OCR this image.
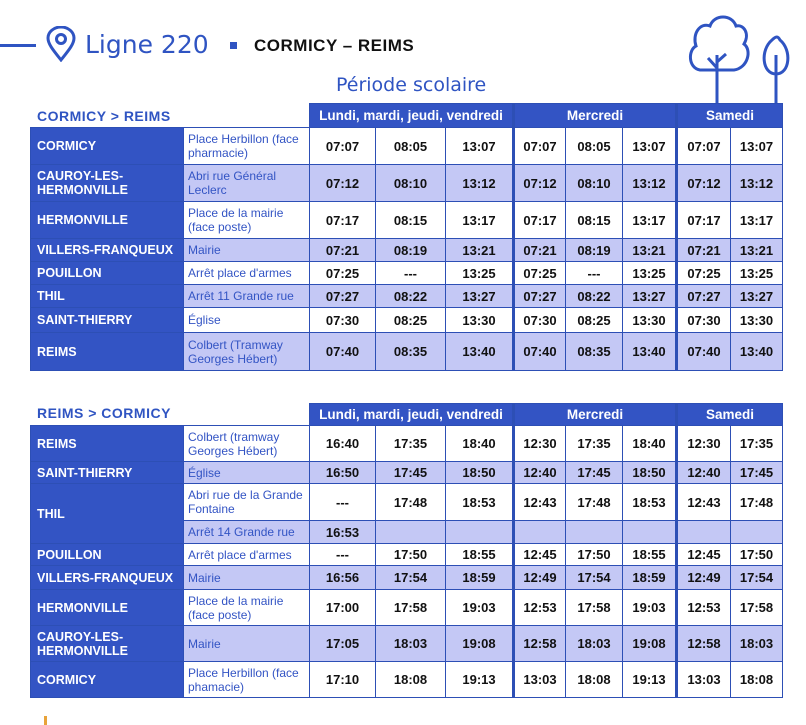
Ligne 220	CORMICY – REIMS
Période scolaire
CORMICY > REIMS
		Lundi, mardi, jeudi, vendredi			Mercredi			Samedi	
CORMICY	Place Herbillon (face pharmacie)	07:07	08:05	13:07	07:07	08:05	13:07	07:07	13:07
CAUROY-LES-HERMONVILLE	Abri rue Général Leclerc	07:12	08:10	13:12	07:12	08:10	13:12	07:12	13:12
HERMONVILLE	Place de la mairie (face poste)	07:17	08:15	13:17	07:17	08:15	13:17	07:17	13:17
VILLERS-FRANQUEUX	Mairie	07:21	08:19	13:21	07:21	08:19	13:21	07:21	13:21
POUILLON	Arrêt place d'armes	07:25	---	13:25	07:25	---	13:25	07:25	13:25
THIL	Arrêt 11 Grande rue	07:27	08:22	13:27	07:27	08:22	13:27	07:27	13:27
SAINT-THIERRY	Église	07:30	08:25	13:30	07:30	08:25	13:30	07:30	13:30
REIMS	Colbert (Tramway Georges Hébert)	07:40	08:35	13:40	07:40	08:35	13:40	07:40	13:40
REIMS > CORMICY
		Lundi, mardi, jeudi, vendredi			Mercredi			Samedi	
REIMS	Colbert (tramway Georges Hébert)	16:40	17:35	18:40	12:30	17:35	18:40	12:30	17:35
SAINT-THIERRY	Église	16:50	17:45	18:50	12:40	17:45	18:50	12:40	17:45
THIL	Abri rue de la Grande Fontaine	---	17:48	18:53	12:43	17:48	18:53	12:43	17:48
	Arrêt 14 Grande rue	16:53							
POUILLON	Arrêt place d'armes	---	17:50	18:55	12:45	17:50	18:55	12:45	17:50
VILLERS-FRANQUEUX	Mairie	16:56	17:54	18:59	12:49	17:54	18:59	12:49	17:54
HERMONVILLE	Place de la mairie (face poste)	17:00	17:58	19:03	12:53	17:58	19:03	12:53	17:58
CAUROY-LES-HERMONVILLE	Mairie	17:05	18:03	19:08	12:58	18:03	19:08	12:58	18:03
CORMICY	Place Herbillon (face phamacie)	17:10	18:08	19:13	13:03	18:08	19:13	13:03	18:08
